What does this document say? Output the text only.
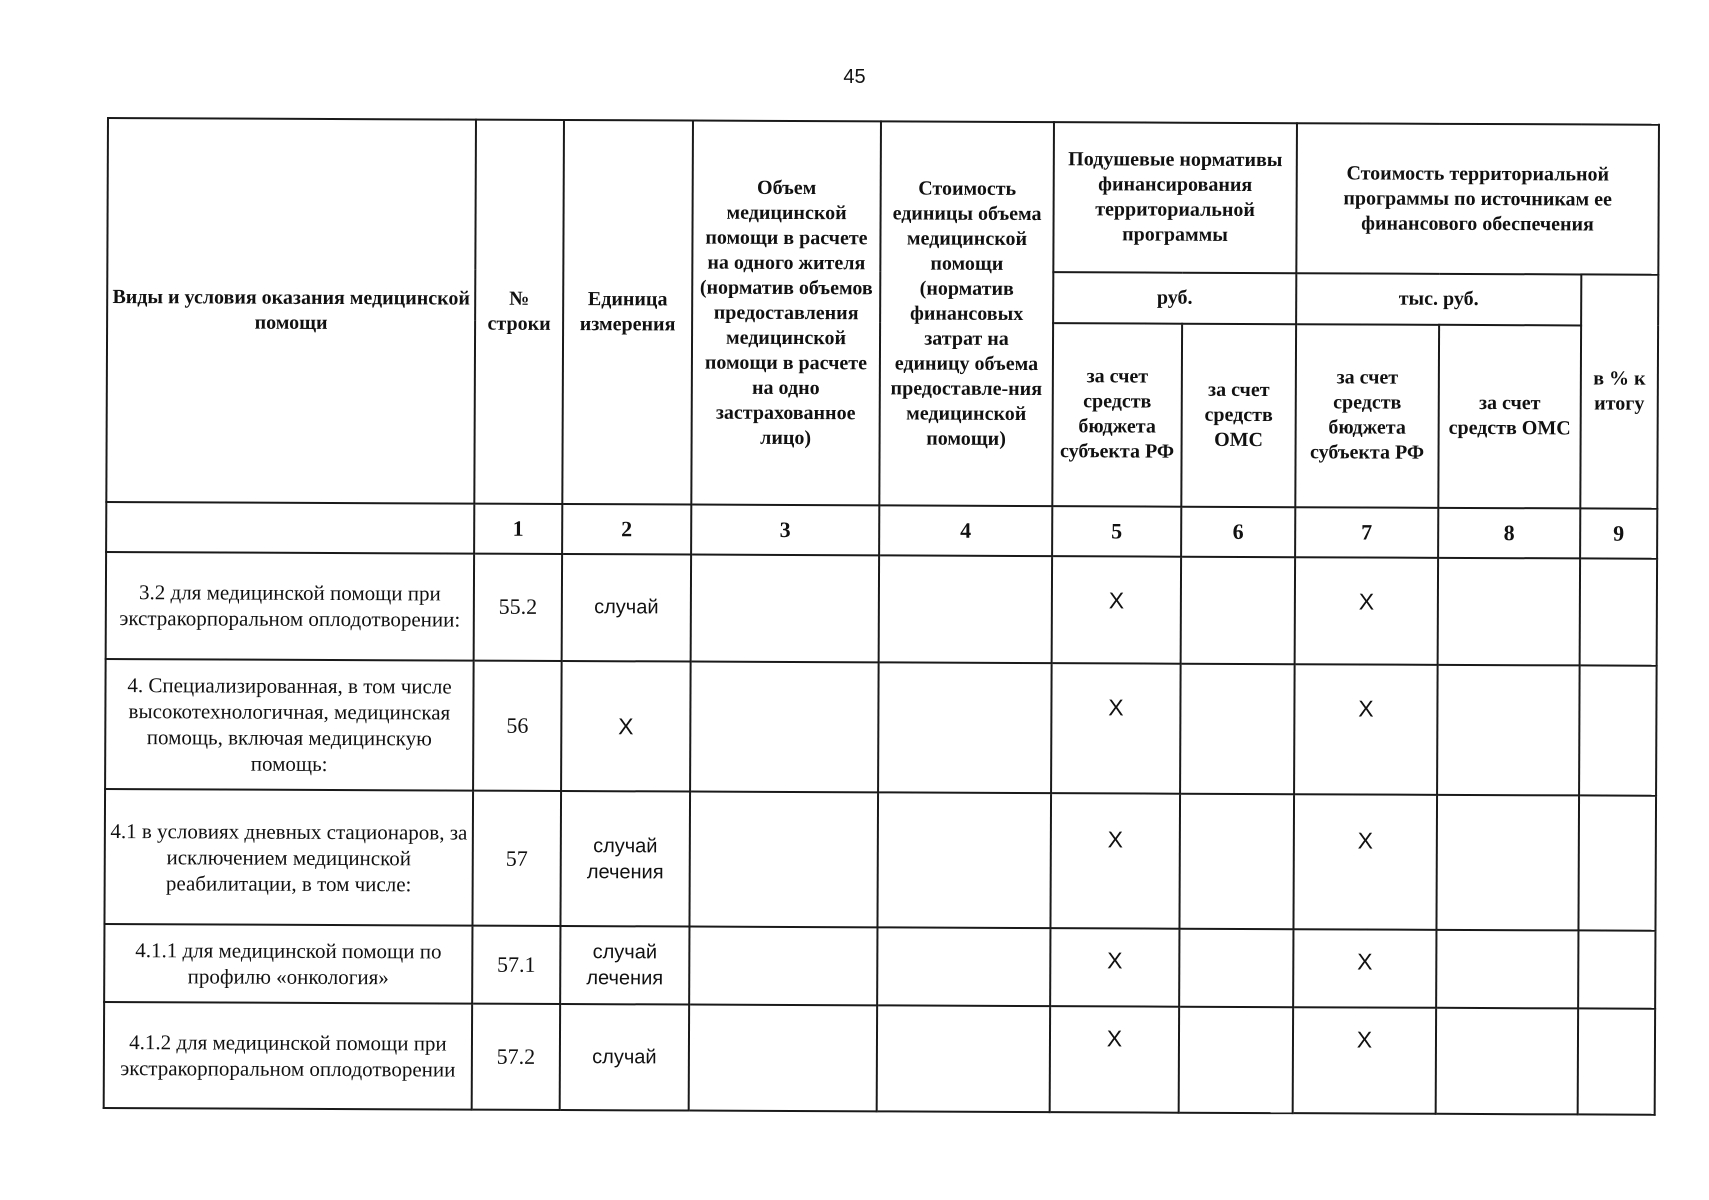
45
Виды и условия оказания медицинской помощи	№ строки	Единица измерения	Объем медицинской помощи в расчете на одного жителя (норматив объемов предоставления медицинской помощи в расчете на одно застрахованное лицо)	Стоимость единицы объема медицинской помощи (норматив финансовых затрат на единицу объема предоставле-ния медицинской помощи)	Подушевые нормативы финансирования территориальной программы		Стоимость территориальной программы по источникам ее финансового обеспечения		
					руб.		тыс. руб.		в % к итогу
					за счет средств бюджета субъекта РФ	за счет средств ОМС	за счет средств бюджета субъекта РФ	за счет средств ОМС	
	1	2	3	4	5	6	7	8	9
3.2 для медицинской помощи при экстракорпоральном оплодотворении:	55.2	случай			X		X		
4. Специализированная, в том числе высокотехнологичная, медицинская помощь, включая медицинскую помощь:	56	X			X		X		
4.1 в условиях дневных стационаров, за исключением медицинской реабилитации, в том числе:	57	случай лечения			X		X		
4.1.1 для медицинской помощи по профилю «онкология»	57.1	случай лечения			X		X		
4.1.2 для медицинской помощи при экстракорпоральном оплодотворении	57.2	случай			X		X		
